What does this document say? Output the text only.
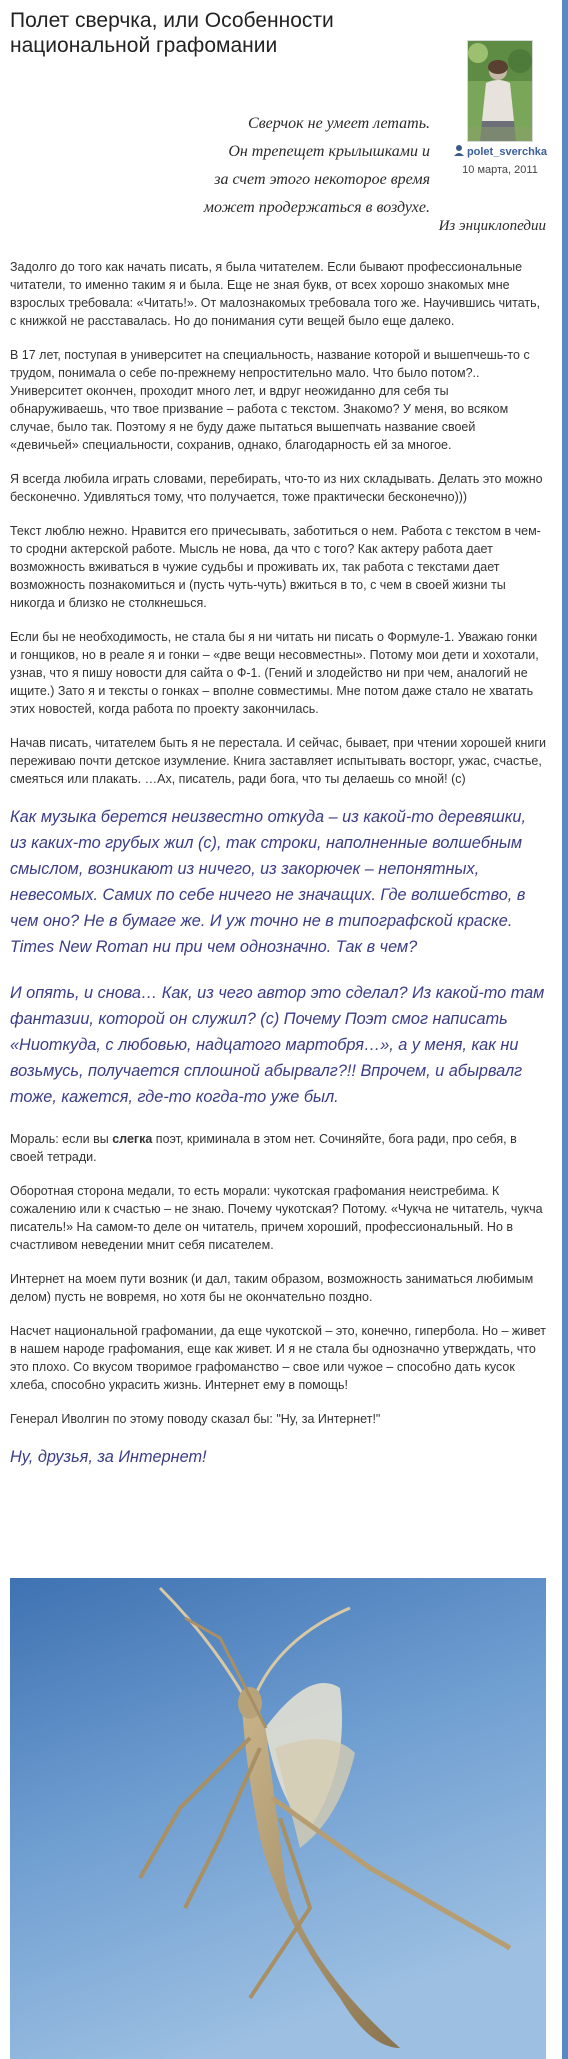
Полет сверчка, или Особенности национальной графомании
polet_sverchka
10 марта, 2011
Сверчок не умеет летать.
Он трепещет крылышками и
за счет этого некоторое время
может продержаться в воздухе.
Из энциклопедии

Задолго до того как начать писать, я была читателем. Если бывают профессиональные читатели, то именно таким я и была. Еще не зная букв, от всех хорошо знакомых мне взрослых требовала: «Читать!». От малознакомых требовала того же. Научившись читать, с книжкой не расставалась. Но до понимания сути вещей было еще далеко.

В 17 лет, поступая в университет на специальность, название которой и вышепчешь-то с трудом, понимала о себе по-прежнему непростительно мало. Что было потом?.. Университет окончен, проходит много лет, и вдруг неожиданно для себя ты обнаруживаешь, что твое призвание – работа с текстом. Знакомо? У меня, во всяком случае, было так. Поэтому я не буду даже пытаться вышепчать название своей «девичьей» специальности, сохранив, однако, благодарность ей за многое.

Я всегда любила играть словами, перебирать, что-то из них складывать. Делать это можно бесконечно. Удивляться тому, что получается, тоже практически бесконечно)))

Текст люблю нежно. Нравится его причесывать, заботиться о нем. Работа с текстом в чем-то сродни актерской работе. Мысль не нова, да что с того? Как актеру работа дает возможность вживаться в чужие судьбы и проживать их, так работа с текстами дает возможность познакомиться и (пусть чуть-чуть) вжиться в то, с чем в своей жизни ты никогда и близко не столкнешься.

Если бы не необходимость, не стала бы я ни читать ни писать о Формуле-1. Уважаю гонки и гонщиков, но в реале я и гонки – «две вещи несовместны». Потому мои дети и хохотали, узнав, что я пишу новости для сайта о Ф-1. (Гений и злодейство ни при чем, аналогий не ищите.) Зато я и тексты о гонках – вполне совместимы. Мне потом даже стало не хватать этих новостей, когда работа по проекту закончилась.

Начав писать, читателем быть я не перестала. И сейчас, бывает, при чтении хорошей книги переживаю почти детское изумление. Книга заставляет испытывать восторг, ужас, счастье, смеяться или плакать. …Ах, писатель, ради бога, что ты делаешь со мной! (с)

Как музыка берется неизвестно откуда – из какой-то деревяшки, из каких-то грубых жил (с), так строки, наполненные волшебным смыслом, возникают из ничего, из закорючек – непонятных, невесомых. Самих по себе ничего не значащих. Где волшебство, в чем оно? Не в бумаге же. И уж точно не в типографской краске. Times New Roman ни при чем однозначно. Так в чем?

И опять, и снова… Как, из чего автор это сделал? Из какой-то там фантазии, которой он служил? (с) Почему Поэт смог написать «Ниоткуда, с любовью, надцатого мартобря…», а у меня, как ни возьмусь, получается сплошной абырвалг?!! Впрочем, и абырвалг тоже, кажется, где-то когда-то уже был.

Мораль: если вы слегка поэт, криминала в этом нет. Сочиняйте, бога ради, про себя, в своей тетради.

Оборотная сторона медали, то есть морали: чукотская графомания неистребима. К сожалению или к счастью – не знаю. Почему чукотская? Потому. «Чукча не читатель, чукча писатель!» На самом-то деле он читатель, причем хороший, профессиональный. Но в счастливом неведении мнит себя писателем.

Интернет на моем пути возник (и дал, таким образом, возможность заниматься любимым делом) пусть не вовремя, но хотя бы не окончательно поздно.

Насчет национальной графомании, да еще чукотской – это, конечно, гипербола. Но – живет в нашем народе графомания, еще как живет. И я не стала бы однозначно утверждать, что это плохо. Со вкусом творимое графоманство – свое или чужое – способно дать кусок хлеба, способно украсить жизнь. Интернет ему в помощь!

Генерал Иволгин по этому поводу сказал бы: "Ну, за Интернет!"

Ну, друзья, за Интернет!
